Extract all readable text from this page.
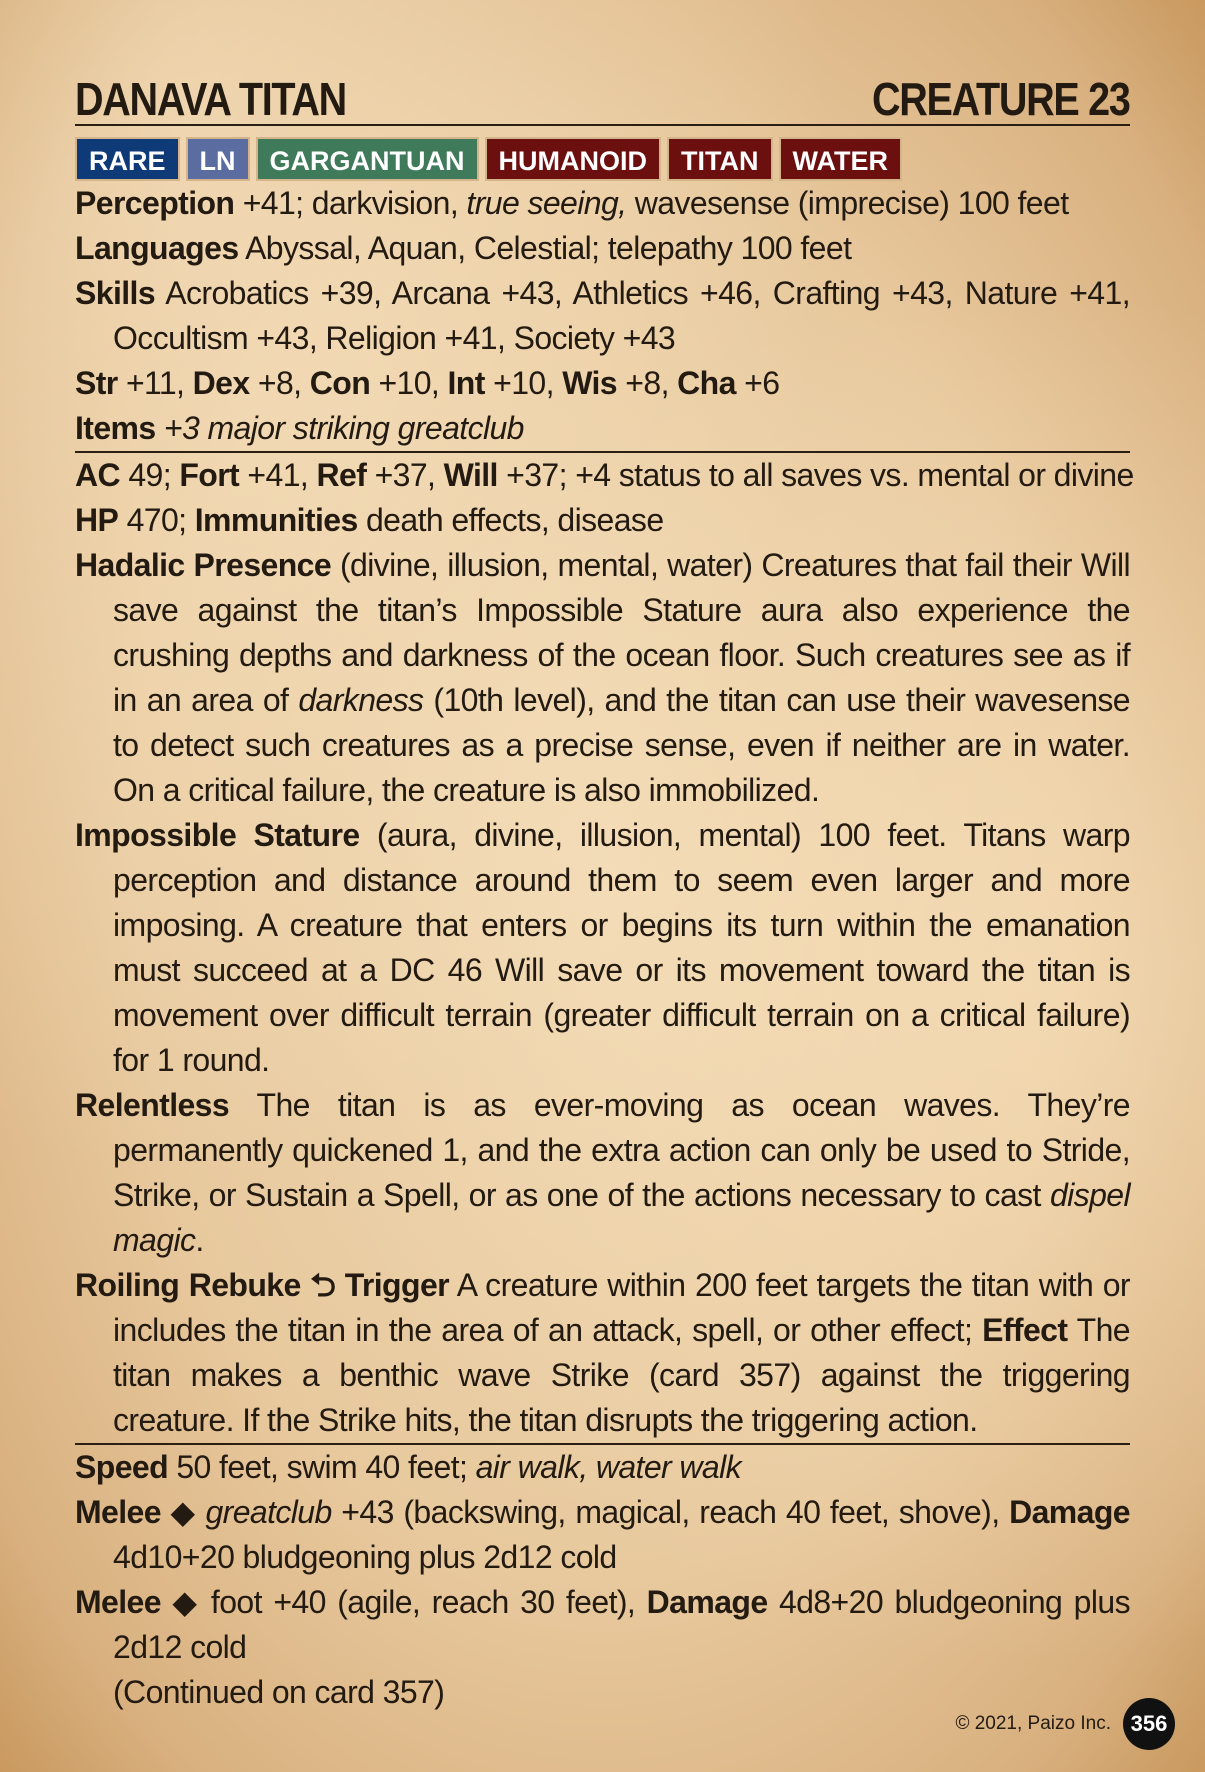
DANAVA TITAN	CREATURE 23
RARE	LN	GARGANTUAN	HUMANOID	TITAN	WATER
Perception +41; darkvision, true seeing, wavesense (imprecise) 100 feet
Languages Abyssal, Aquan, Celestial; telepathy 100 feet
Skills Acrobatics +39, Arcana +43, Athletics +46, Crafting +43, Nature +41, Occultism +43, Religion +41, Society +43
Str +11, Dex +8, Con +10, Int +10, Wis +8, Cha +6
Items +3 major striking greatclub
AC 49; Fort +41, Ref +37, Will +37; +4 status to all saves vs. mental or divine
HP 470; Immunities death effects, disease
Hadalic Presence (divine, illusion, mental, water) Creatures that fail their Will save against the titan’s Impossible Stature aura also experience the crushing depths and darkness of the ocean floor. Such creatures see as if in an area of darkness (10th level), and the titan can use their wavesense to detect such creatures as a precise sense, even if neither are in water. On a critical failure, the creature is also immobilized.
Impossible Stature (aura, divine, illusion, mental) 100 feet. Titans warp perception and distance around them to seem even larger and more imposing. A creature that enters or begins its turn within the emanation must succeed at a DC 46 Will save or its movement toward the titan is movement over difficult terrain (greater difficult terrain on a critical failure) for 1 round.
Relentless The titan is as ever-moving as ocean waves. They’re permanently quickened 1, and the extra action can only be used to Stride, Strike, or Sustain a Spell, or as one of the actions necessary to cast dispel magic.
Roiling Rebuke ⮌ Trigger A creature within 200 feet targets the titan with or includes the titan in the area of an attack, spell, or other effect; Effect The titan makes a benthic wave Strike (card 357) against the triggering creature. If the Strike hits, the titan disrupts the triggering action.
Speed 50 feet, swim 40 feet; air walk, water walk
Melee ◆ greatclub +43 (backswing, magical, reach 40 feet, shove), Damage 4d10+20 bludgeoning plus 2d12 cold
Melee ◆ foot +40 (agile, reach 30 feet), Damage 4d8+20 bludgeoning plus 2d12 cold
(Continued on card 357)
© 2021, Paizo Inc. 356
